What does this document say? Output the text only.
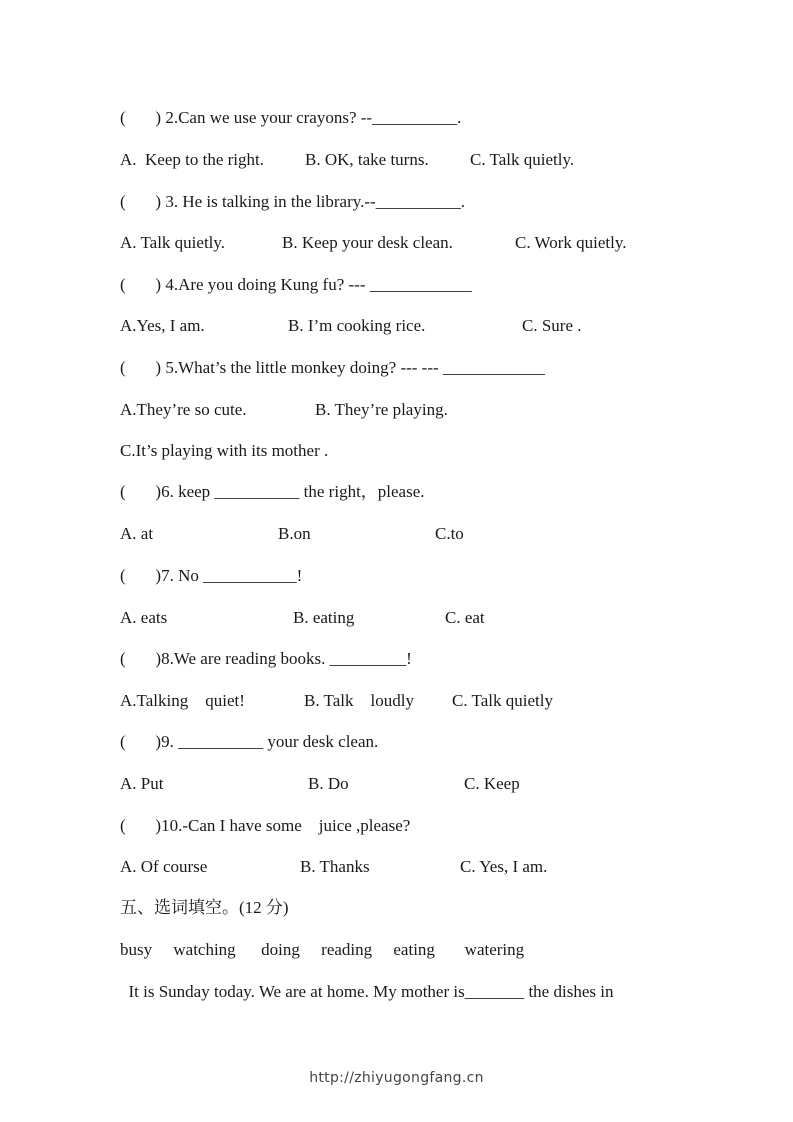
(       ) 2.Can we use your crayons? --__________.

A.  Keep to the right.

B. OK, take turns.

C. Talk quietly.

(       ) 3. He is talking in the library.--__________.

A. Talk quietly.

	B. Keep your desk clean.

	C. Work quietly.

(       ) 4.Are you doing Kung fu? --- ____________

A.Yes, I am.

	B. I’m cooking rice.

	C. Sure .

(       ) 5.What’s the little monkey doing? --- --- ____________

A.They’re so cute.

	B. They’re playing.

C.It’s playing with its mother .
(       )6. keep __________ the right，please.

A. at

	B.on

	C.to

(       )7. No ___________!

A. eats

	B. eating

	C. eat

(       )8.We are reading books. _________!

A.Talking    quiet!

	B. Talk    loudly

C. Talk quietly

(       )9. __________ your desk clean.

A. Put

	B. Do

	C. Keep

(       )10.-Can I have some    juice ,please?

A. Of course

	B. Thanks

	C. Yes, I am.

五、选词填空。(12 分)
busy     watching      doing     reading     eating       watering
It is Sunday today. We are at home. My mother is_______ the dishes in
http://zhiyugongfang.cn
